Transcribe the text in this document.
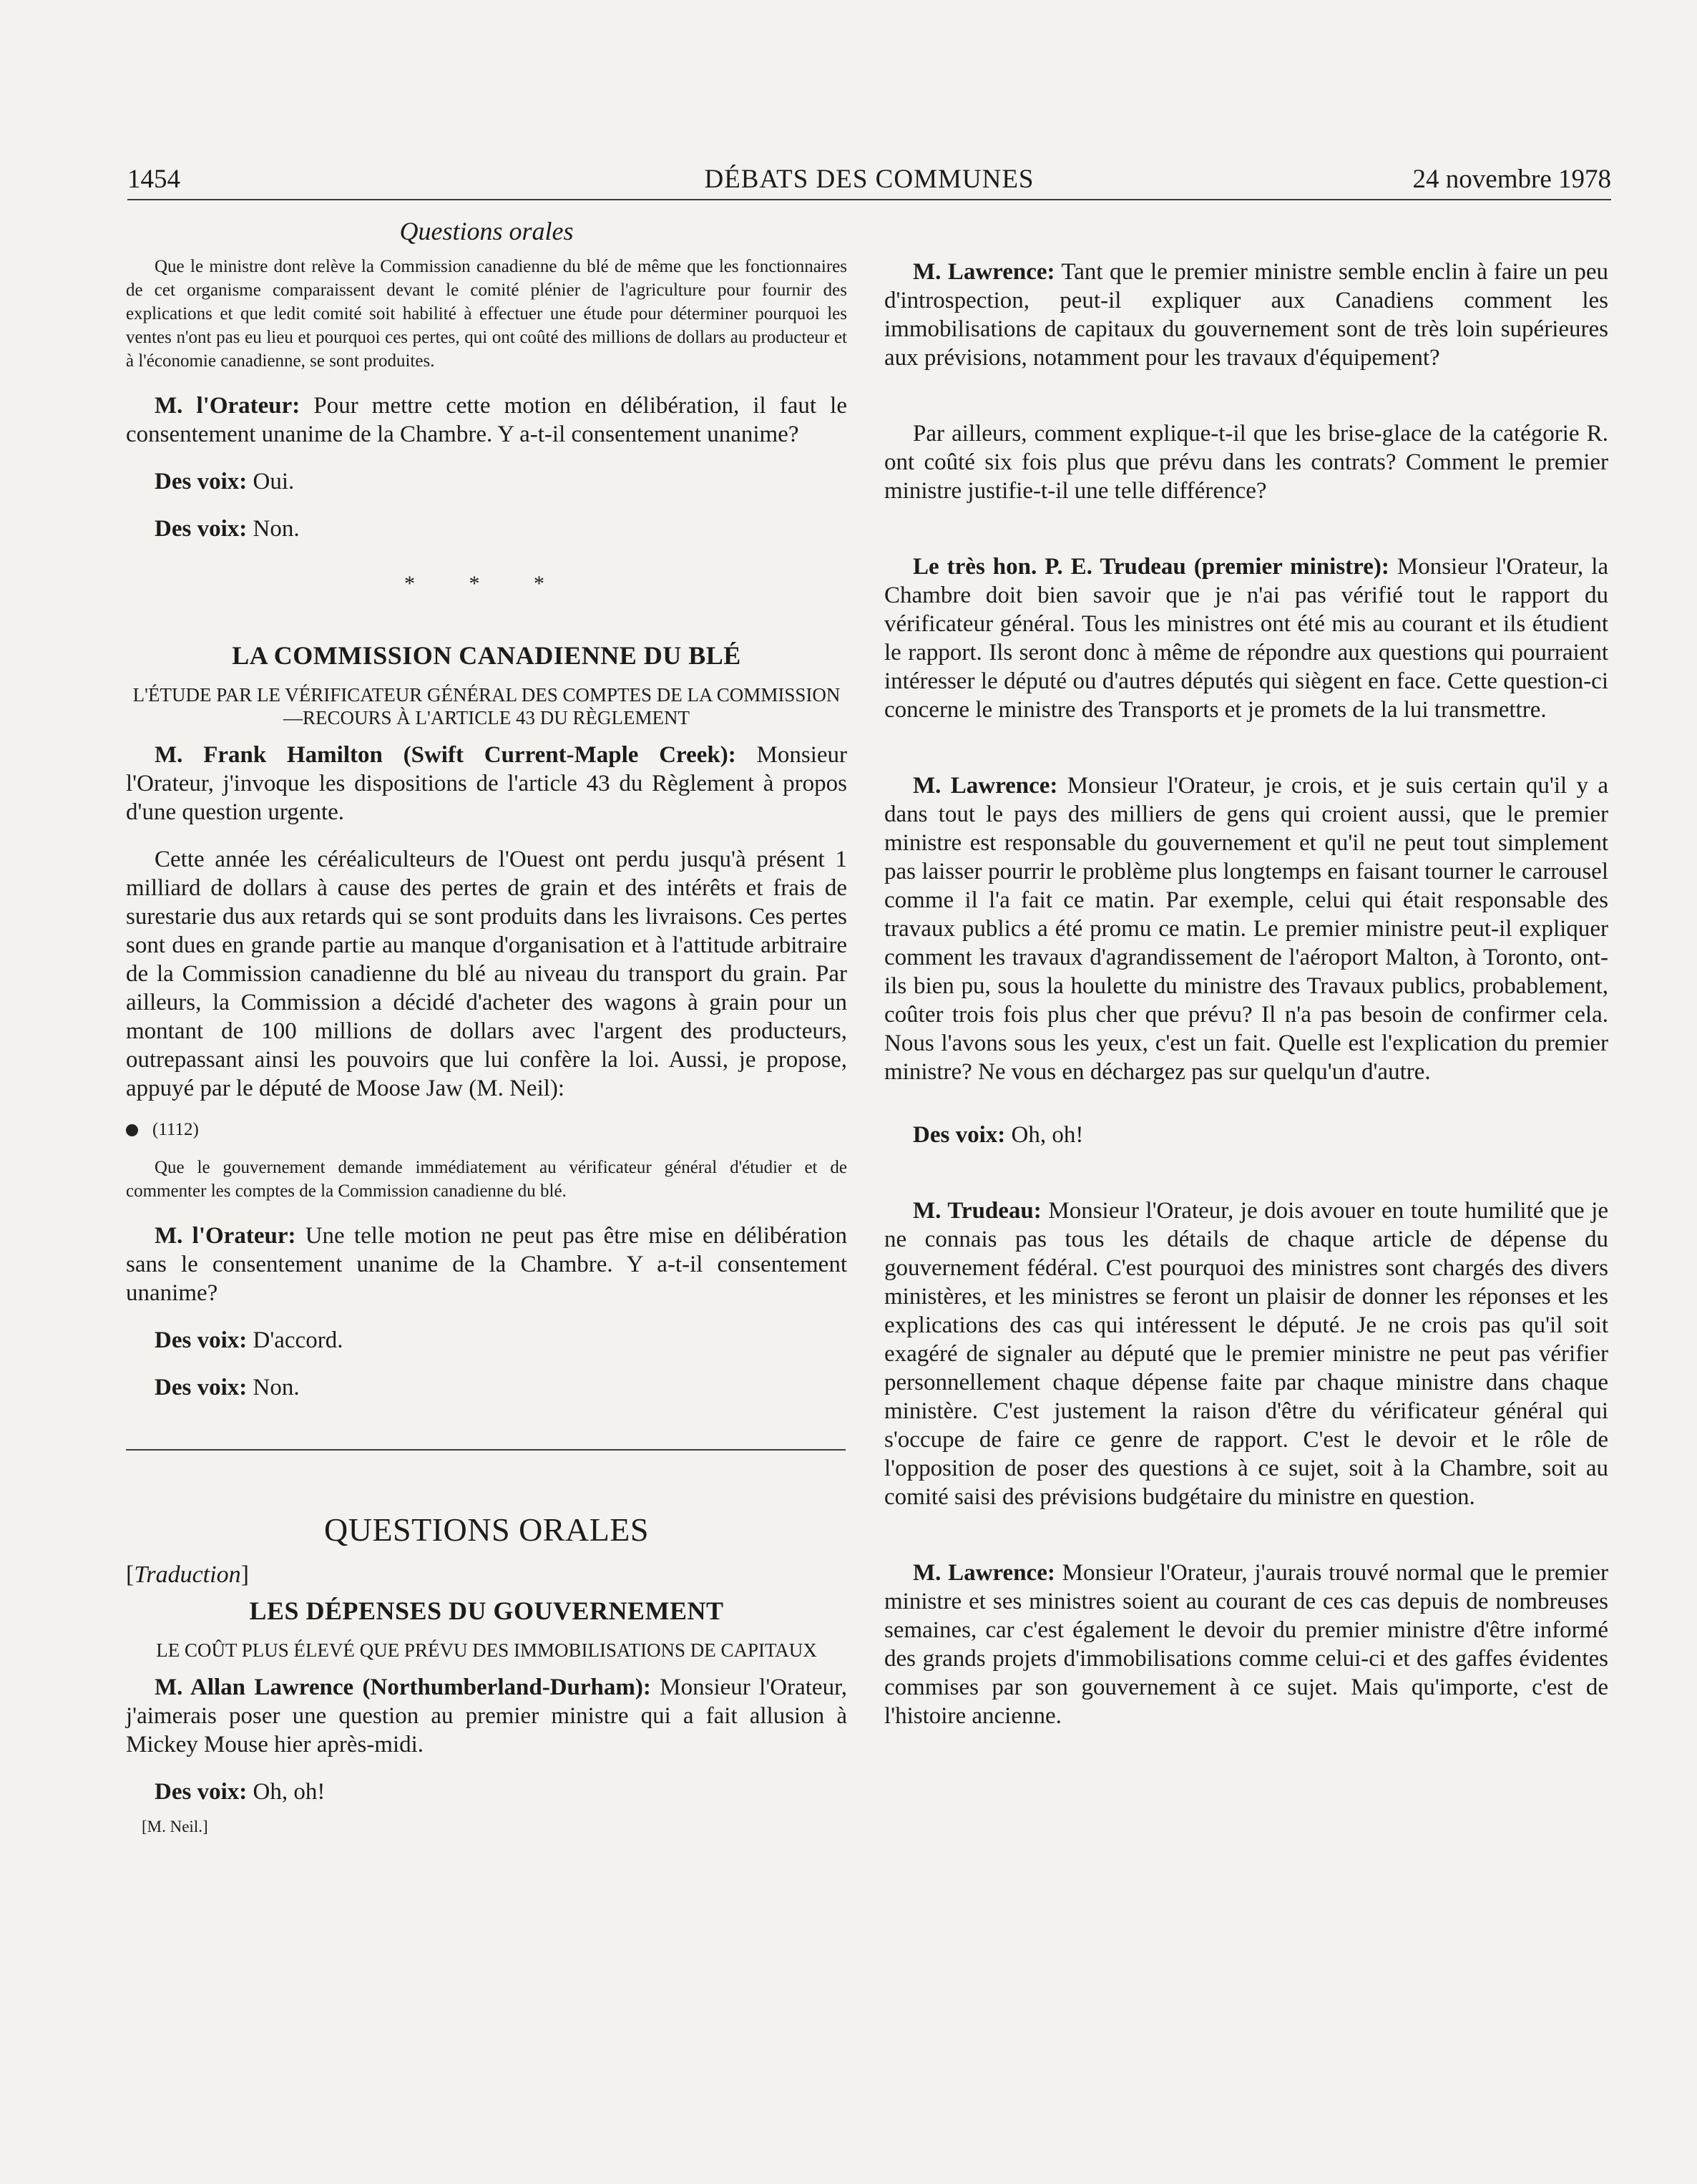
1454	DÉBATS DES COMMUNES	24 novembre 1978
Questions orales

Que le ministre dont relève la Commission canadienne du blé de même que les fonctionnaires de cet organisme comparaissent devant le comité plénier de l'agriculture pour fournir des explications et que ledit comité soit habilité à effectuer une étude pour déterminer pourquoi les ventes n'ont pas eu lieu et pourquoi ces pertes, qui ont coûté des millions de dollars au producteur et à l'économie canadienne, se sont produites.

M. l'Orateur: Pour mettre cette motion en délibération, il faut le consentement unanime de la Chambre. Y a-t-il consentement unanime?

Des voix: Oui.

Des voix: Non.

* * *
LA COMMISSION CANADIENNE DU BLÉ
L'ÉTUDE PAR LE VÉRIFICATEUR GÉNÉRAL DES COMPTES DE LA COMMISSION—RECOURS À L'ARTICLE 43 DU RÈGLEMENT

M. Frank Hamilton (Swift Current-Maple Creek): Monsieur l'Orateur, j'invoque les dispositions de l'article 43 du Règlement à propos d'une question urgente.

Cette année les céréaliculteurs de l'Ouest ont perdu jusqu'à présent 1 milliard de dollars à cause des pertes de grain et des intérêts et frais de surestarie dus aux retards qui se sont produits dans les livraisons. Ces pertes sont dues en grande partie au manque d'organisation et à l'attitude arbitraire de la Commission canadienne du blé au niveau du transport du grain. Par ailleurs, la Commission a décidé d'acheter des wagons à grain pour un montant de 100 millions de dollars avec l'argent des producteurs, outrepassant ainsi les pouvoirs que lui confère la loi. Aussi, je propose, appuyé par le député de Moose Jaw (M. Neil):

(1112)

Que le gouvernement demande immédiatement au vérificateur général d'étudier et de commenter les comptes de la Commission canadienne du blé.

M. l'Orateur: Une telle motion ne peut pas être mise en délibération sans le consentement unanime de la Chambre. Y a-t-il consentement unanime?

Des voix: D'accord.

Des voix: Non.

QUESTIONS ORALES
[Traduction]
LES DÉPENSES DU GOUVERNEMENT
LE COÛT PLUS ÉLEVÉ QUE PRÉVU DES IMMOBILISATIONS DE CAPITAUX

M. Allan Lawrence (Northumberland-Durham): Monsieur l'Orateur, j'aimerais poser une question au premier ministre qui a fait allusion à Mickey Mouse hier après-midi.

Des voix: Oh, oh!

[M. Neil.]

M. Lawrence: Tant que le premier ministre semble enclin à faire un peu d'introspection, peut-il expliquer aux Canadiens comment les immobilisations de capitaux du gouvernement sont de très loin supérieures aux prévisions, notamment pour les travaux d'équipement?

Par ailleurs, comment explique-t-il que les brise-glace de la catégorie R. ont coûté six fois plus que prévu dans les contrats? Comment le premier ministre justifie-t-il une telle différence?

Le très hon. P. E. Trudeau (premier ministre): Monsieur l'Orateur, la Chambre doit bien savoir que je n'ai pas vérifié tout le rapport du vérificateur général. Tous les ministres ont été mis au courant et ils étudient le rapport. Ils seront donc à même de répondre aux questions qui pourraient intéresser le député ou d'autres députés qui siègent en face. Cette question-ci concerne le ministre des Transports et je promets de la lui transmettre.

M. Lawrence: Monsieur l'Orateur, je crois, et je suis certain qu'il y a dans tout le pays des milliers de gens qui croient aussi, que le premier ministre est responsable du gouvernement et qu'il ne peut tout simplement pas laisser pourrir le problème plus longtemps en faisant tourner le carrousel comme il l'a fait ce matin. Par exemple, celui qui était responsable des travaux publics a été promu ce matin. Le premier ministre peut-il expliquer comment les travaux d'agrandissement de l'aéroport Malton, à Toronto, ont-ils bien pu, sous la houlette du ministre des Travaux publics, probablement, coûter trois fois plus cher que prévu? Il n'a pas besoin de confirmer cela. Nous l'avons sous les yeux, c'est un fait. Quelle est l'explication du premier ministre? Ne vous en déchargez pas sur quelqu'un d'autre.

Des voix: Oh, oh!

M. Trudeau: Monsieur l'Orateur, je dois avouer en toute humilité que je ne connais pas tous les détails de chaque article de dépense du gouvernement fédéral. C'est pourquoi des ministres sont chargés des divers ministères, et les ministres se feront un plaisir de donner les réponses et les explications des cas qui intéressent le député. Je ne crois pas qu'il soit exagéré de signaler au député que le premier ministre ne peut pas vérifier personnellement chaque dépense faite par chaque ministre dans chaque ministère. C'est justement la raison d'être du vérificateur général qui s'occupe de faire ce genre de rapport. C'est le devoir et le rôle de l'opposition de poser des questions à ce sujet, soit à la Chambre, soit au comité saisi des prévisions budgétaire du ministre en question.

M. Lawrence: Monsieur l'Orateur, j'aurais trouvé normal que le premier ministre et ses ministres soient au courant de ces cas depuis de nombreuses semaines, car c'est également le devoir du premier ministre d'être informé des grands projets d'immobilisations comme celui-ci et des gaffes évidentes commises par son gouvernement à ce sujet. Mais qu'importe, c'est de l'histoire ancienne.
